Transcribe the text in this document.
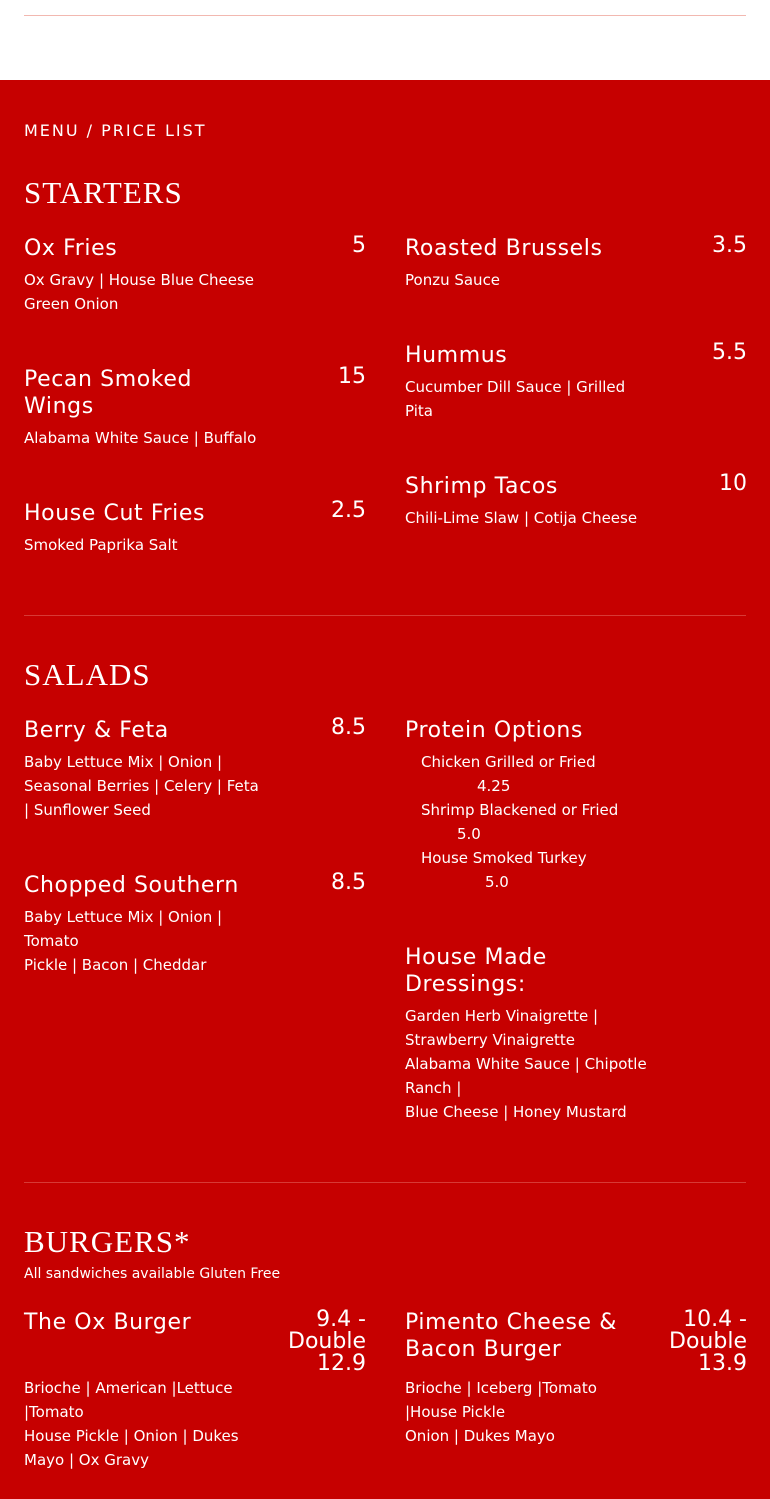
MENU / PRICE LIST
STARTERS
Ox Fries	5
Ox Gravy | House Blue Cheese
Green Onion
Roasted Brussels	3.5
Ponzu Sauce
Pecan Smoked Wings
15
Alabama White Sauce | Buffalo
Hummus	5.5
Cucumber Dill Sauce | Grilled
Pita
House Cut Fries	2.5
Smoked Paprika Salt
Shrimp Tacos	10
Chili-Lime Slaw | Cotija Cheese
SALADS
Berry & Feta	8.5
Baby Lettuce Mix | Onion |
Seasonal Berries | Celery | Feta
| Sunflower Seed
Chopped Southern	8.5
Baby Lettuce Mix | Onion |
Tomato
Pickle | Bacon | Cheddar
Protein Options
Chicken Grilled or Fried
4.25
Shrimp Blackened or Fried
5.0
House Smoked Turkey
5.0
House Made Dressings:
Garden Herb Vinaigrette |
Strawberry Vinaigrette
Alabama White Sauce | Chipotle
Ranch |
Blue Cheese | Honey Mustard
BURGERS*
All sandwiches available Gluten Free
The Ox Burger	9.4 -
Double
12.9
Brioche | American |Lettuce
|Tomato
House Pickle | Onion | Dukes
Mayo | Ox Gravy
Pimento Cheese & Bacon Burger
10.4 -
Double
13.9
Brioche | Iceberg |Tomato
|House Pickle
Onion | Dukes Mayo
